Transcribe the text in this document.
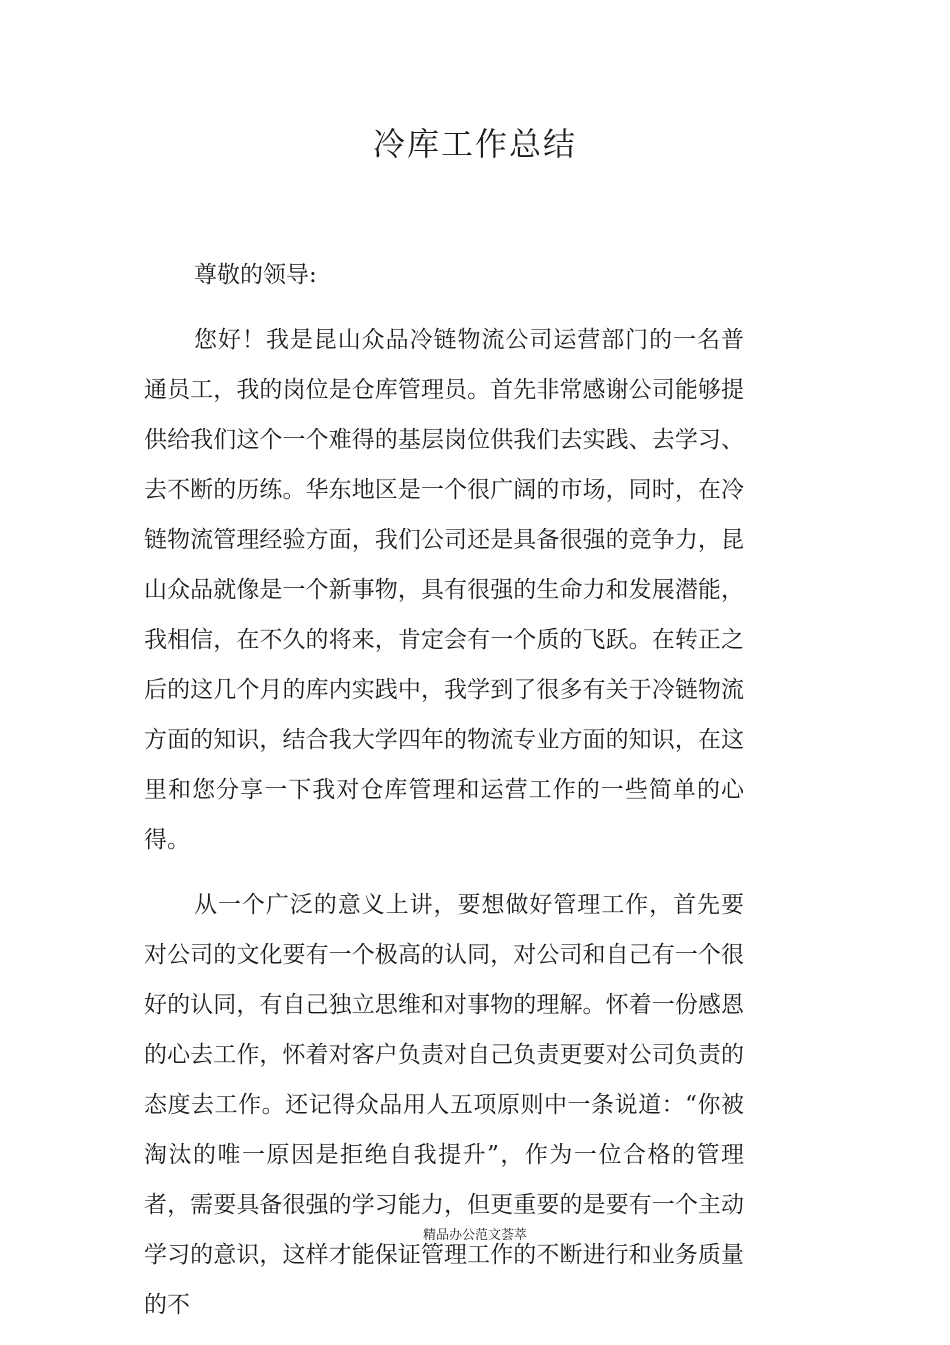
冷库工作总结

尊敬的领导:

您好！我是昆山众品冷链物流公司运营部门的一名普通员工，我的岗位是仓库管理员。首先非常感谢公司能够提供给我们这个一个难得的基层岗位供我们去实践、去学习、去不断的历练。华东地区是一个很广阔的市场，同时，在冷链物流管理经验方面，我们公司还是具备很强的竞争力，昆山众品就像是一个新事物，具有很强的生命力和发展潜能，我相信，在不久的将来，肯定会有一个质的飞跃。在转正之后的这几个月的库内实践中，我学到了很多有关于冷链物流方面的知识，结合我大学四年的物流专业方面的知识，在这里和您分享一下我对仓库管理和运营工作的一些简单的心得。

从一个广泛的意义上讲，要想做好管理工作，首先要对公司的文化要有一个极高的认同，对公司和自己有一个很好的认同，有自己独立思维和对事物的理解。怀着一份感恩的心去工作，怀着对客户负责对自己负责更要对公司负责的态度去工作。还记得众品用人五项原则中一条说道：“你被淘汰的唯一原因是拒绝自我提升”，作为一位合格的管理者，需要具备很强的学习能力，但更重要的是要有一个主动学习的意识，这样才能保证管理工作的不断进行和业务质量的不

精品办公范文荟萃
